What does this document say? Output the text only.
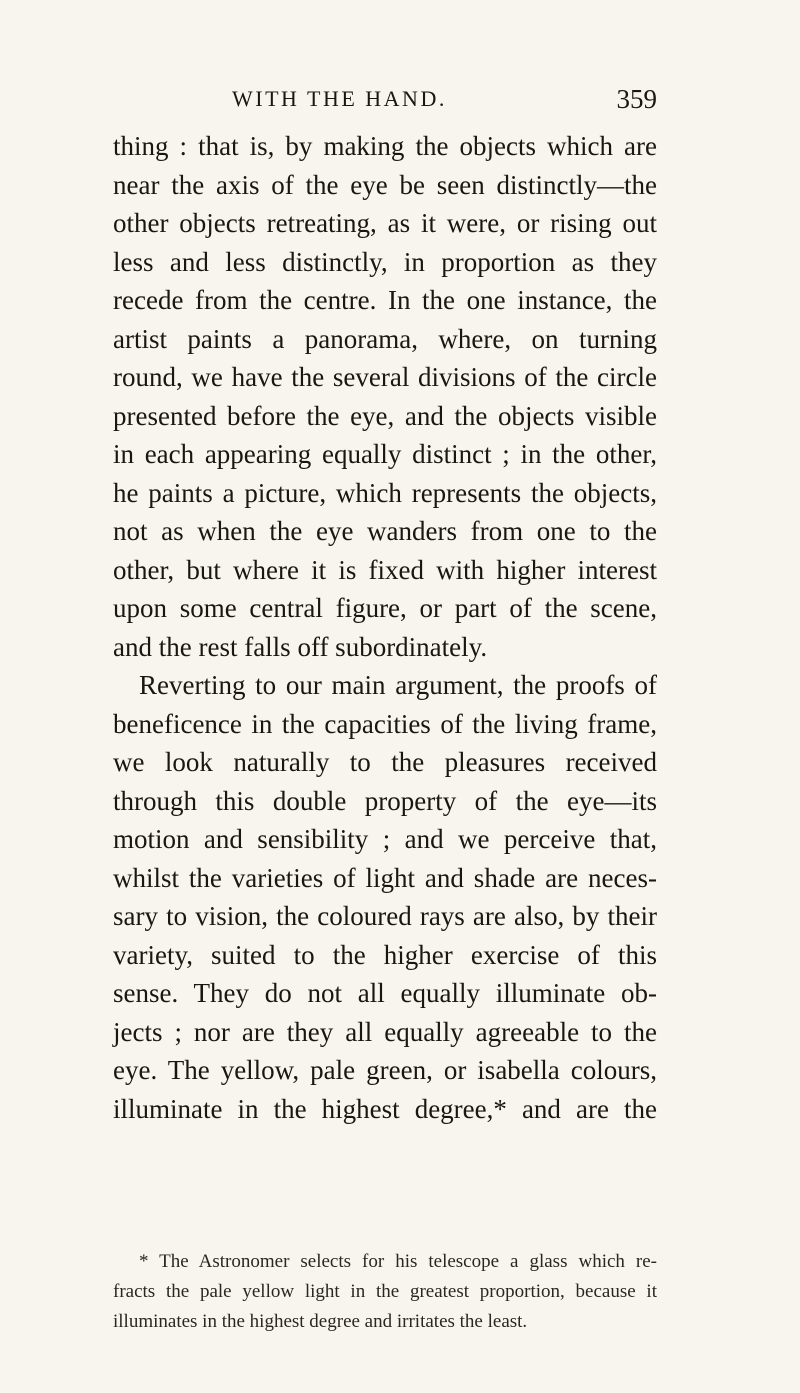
WITH THE HAND.	359
thing : that is, by making the objects which are
near the axis of the eye be seen distinctly—the
other objects retreating, as it were, or rising out
less and less distinctly, in proportion as they
recede from the centre. In the one instance, the
artist paints a panorama, where, on turning
round, we have the several divisions of the circle
presented before the eye, and the objects visible
in each appearing equally distinct ; in the other,
he paints a picture, which represents the objects,
not as when the eye wanders from one to the
other, but where it is fixed with higher interest
upon some central figure, or part of the scene,
and the rest falls off subordinately.
Reverting to our main argument, the proofs of
beneficence in the capacities of the living frame,
we look naturally to the pleasures received
through this double property of the eye—its
motion and sensibility ; and we perceive that,
whilst the varieties of light and shade are neces-
sary to vision, the coloured rays are also, by their
variety, suited to the higher exercise of this
sense. They do not all equally illuminate ob-
jects ; nor are they all equally agreeable to the
eye. The yellow, pale green, or isabella colours,
illuminate in the highest degree,* and are the
* The Astronomer selects for his telescope a glass which re-
fracts the pale yellow light in the greatest proportion, because it
illuminates in the highest degree and irritates the least.
